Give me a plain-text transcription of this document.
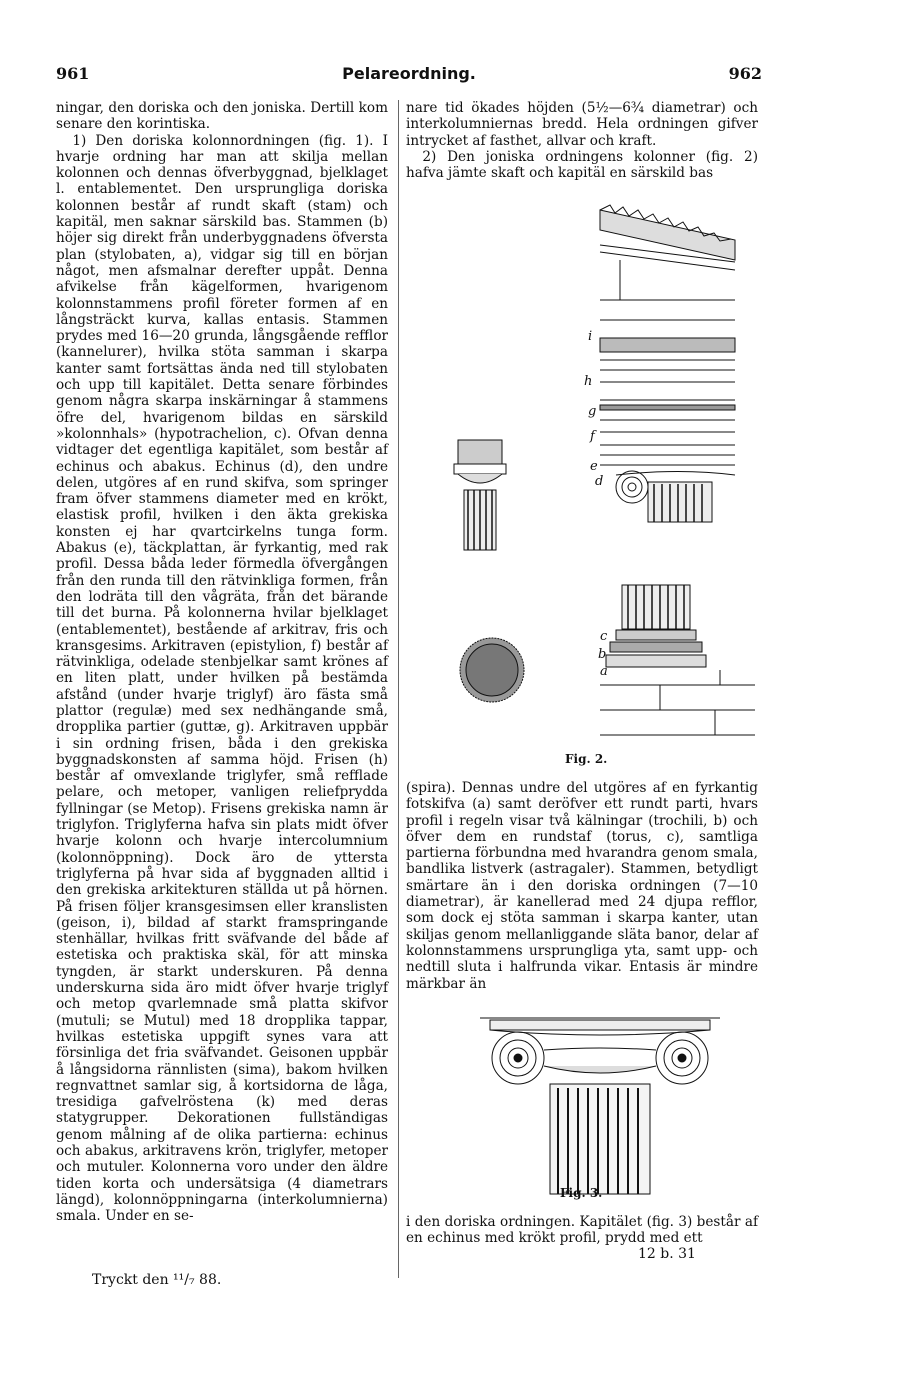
961	Pelareordning.	962

ningar, den doriska och den joniska. Dertill kom senare den korintiska.

1) Den doriska kolonnordningen (fig. 1). I hvarje ordning har man att skilja mellan kolonnen och dennas öfverbyggnad, bjelklaget l. entablementet. Den ursprungliga doriska kolonnen består af rundt skaft (stam) och kapitäl, men saknar särskild bas. Stammen (b) höjer sig direkt från underbyggnadens öfversta plan (stylobaten, a), vidgar sig till en början något, men afsmalnar derefter uppåt. Denna afvikelse från kägelformen, hvarigenom kolonnstammens profil företer formen af en långsträckt kurva, kallas entasis. Stammen prydes med 16—20 grunda, långsgående refflor (kannelurer), hvilka stöta samman i skarpa kanter samt fortsättas ända ned till stylobaten och upp till kapitälet. Detta senare förbindes genom några skarpa inskärningar å stammens öfre del, hvarigenom bildas en särskild »kolonnhals» (hypotrachelion, c). Ofvan denna vidtager det egentliga kapitälet, som består af echinus och abakus. Echinus (d), den undre delen, utgöres af en rund skifva, som springer fram öfver stammens diameter med en krökt, elastisk profil, hvilken i den äkta grekiska konsten ej har qvartcirkelns tunga form. Abakus (e), täckplattan, är fyrkantig, med rak profil. Dessa båda leder förmedla öfvergången från den runda till den rätvinkliga formen, från den lodräta till den vågräta, från det bärande till det burna. På kolonnerna hvilar bjelklaget (entablementet), bestående af arkitrav, fris och kransgesims. Arkitraven (epistylion, f) består af rätvinkliga, odelade stenbjelkar samt krönes af en liten platt, under hvilken på bestämda afstånd (under hvarje triglyf) äro fästa små plattor (regulæ) med sex nedhängande små, dropplika partier (guttæ, g). Arkitraven uppbär i sin ordning frisen, båda i den grekiska byggnadskonsten af samma höjd. Frisen (h) består af omvexlande triglyfer, små refflade pelare, och metoper, vanligen reliefprydda fyllningar (se Metop). Frisens grekiska namn är triglyfon. Triglyferna hafva sin plats midt öfver hvarje kolonn och hvarje intercolumnium (kolonnöppning). Dock äro de yttersta triglyferna på hvar sida af byggnaden alltid i den grekiska arkitekturen ställda ut på hörnen. På frisen följer kransgesimsen eller kranslisten (geison, i), bildad af starkt framspringande stenhällar, hvilkas fritt sväfvande del både af estetiska och praktiska skäl, för att minska tyngden, är starkt underskuren. På denna underskurna sida äro midt öfver hvarje triglyf och metop qvarlemnade små platta skifvor (mutuli; se Mutul) med 18 dropplika tappar, hvilkas estetiska uppgift synes vara att försinliga det fria sväfvandet. Geisonen uppbär å långsidorna rännlisten (sima), bakom hvilken regnvattnet samlar sig, å kortsidorna de låga, tresidiga gafvelröstena (k) med deras statygrupper. Dekorationen fullständigas genom målning af de olika partierna: echinus och abakus, arkitravens krön, triglyfer, metoper och mutuler. Kolonnerna voro under den äldre tiden korta och undersätsiga (4 diametrars längd), kolonnöppningarna (interkolumnierna) smala. Under en se-

nare tid ökades höjden (5½—6¾ diametrar) och interkolumniernas bredd. Hela ordningen gifver intrycket af fasthet, allvar och kraft.

2) Den joniska ordningens kolonner (fig. 2) hafva jämte skaft och kapitäl en särskild bas

i
h
g
f
e
d
c
b
a
Fig. 2.

(spira). Dennas undre del utgöres af en fyrkantig fotskifva (a) samt deröfver ett rundt parti, hvars profil i regeln visar två kälningar (trochili, b) och öfver dem en rundstaf (torus, c), samtliga partierna förbundna med hvarandra genom smala, bandlika listverk (astragaler). Stammen, betydligt smärtare än i den doriska ordningen (7—10 diametrar), är kanellerad med 24 djupa refflor, som dock ej stöta samman i skarpa kanter, utan skiljas genom mellanliggande släta banor, delar af kolonnstammens ursprungliga yta, samt upp- och nedtill sluta i halfrunda vikar. Entasis är mindre märkbar än

Fig. 3.

i den doriska ordningen. Kapitälet (fig. 3) består af en echinus med krökt profil, prydd med ett

Tryckt den ¹¹/₇ 88.
12 b. 31
